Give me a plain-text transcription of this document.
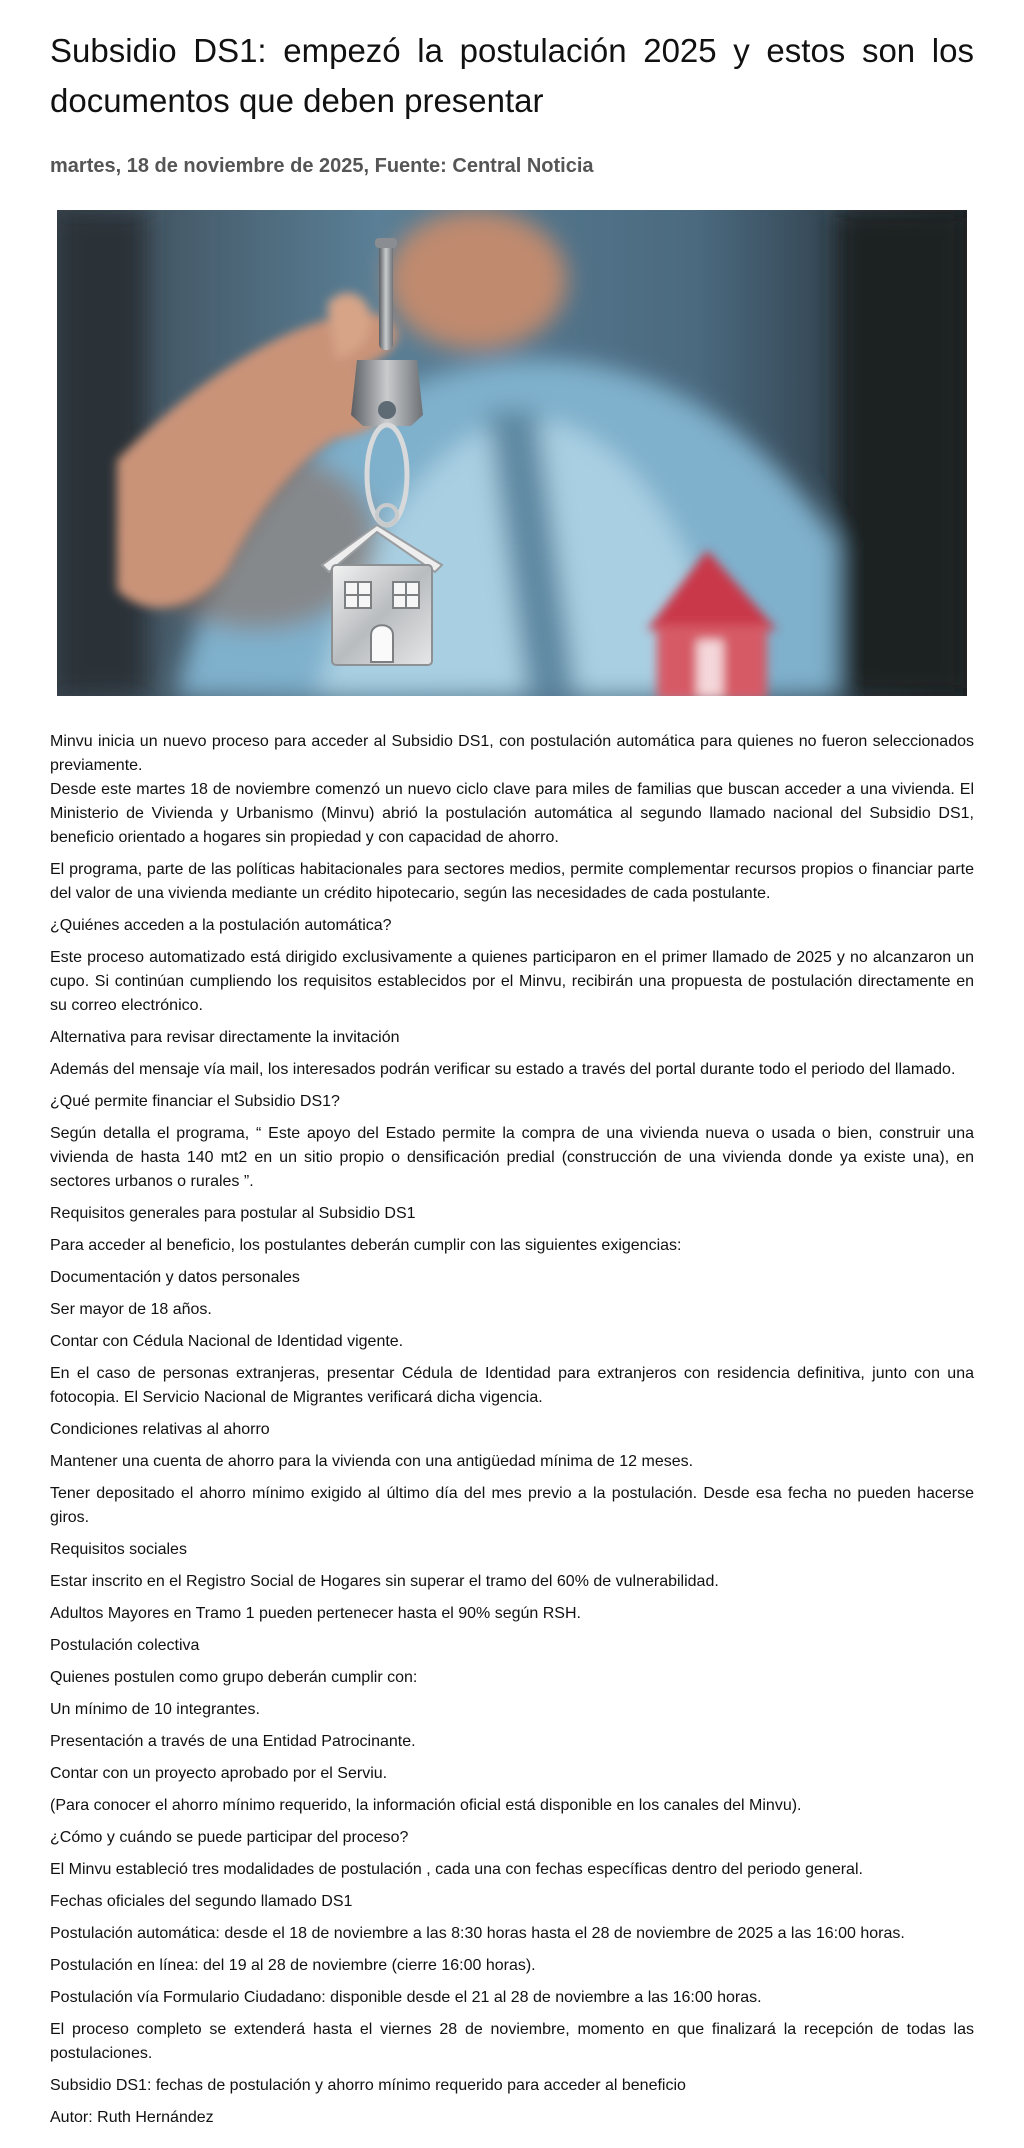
Subsidio DS1: empezó la postulación 2025 y estos son los documentos que deben presentar
martes, 18 de noviembre de 2025, Fuente: Central Noticia

Minvu inicia un nuevo proceso para acceder al Subsidio DS1, con postulación automática para quienes no fueron seleccionados previamente.

Desde este martes 18 de noviembre comenzó un nuevo ciclo clave para miles de familias que buscan acceder a una vivienda. El Ministerio de Vivienda y Urbanismo (Minvu) abrió la postulación automática al segundo llamado nacional del Subsidio DS1, beneficio orientado a hogares sin propiedad y con capacidad de ahorro.

El programa, parte de las políticas habitacionales para sectores medios, permite complementar recursos propios o financiar parte del valor de una vivienda mediante un crédito hipotecario, según las necesidades de cada postulante.

¿Quiénes acceden a la postulación automática?

Este proceso automatizado está dirigido exclusivamente a quienes participaron en el primer llamado de 2025 y no alcanzaron un cupo. Si continúan cumpliendo los requisitos establecidos por el Minvu, recibirán una propuesta de postulación directamente en su correo electrónico.

Alternativa para revisar directamente la invitación

Además del mensaje vía mail, los interesados podrán verificar su estado a través del portal durante todo el periodo del llamado.

¿Qué permite financiar el Subsidio DS1?

Según detalla el programa, “ Este apoyo del Estado permite la compra de una vivienda nueva o usada o bien, construir una vivienda de hasta 140 mt2 en un sitio propio o densificación predial (construcción de una vivienda donde ya existe una), en sectores urbanos o rurales ”.

Requisitos generales para postular al Subsidio DS1

Para acceder al beneficio, los postulantes deberán cumplir con las siguientes exigencias:

Documentación y datos personales

Ser mayor de 18 años.

Contar con Cédula Nacional de Identidad vigente.

En el caso de personas extranjeras, presentar Cédula de Identidad para extranjeros con residencia definitiva, junto con una fotocopia. El Servicio Nacional de Migrantes verificará dicha vigencia.

Condiciones relativas al ahorro

Mantener una cuenta de ahorro para la vivienda con una antigüedad mínima de 12 meses.

Tener depositado el ahorro mínimo exigido al último día del mes previo a la postulación. Desde esa fecha no pueden hacerse giros.

Requisitos sociales

Estar inscrito en el Registro Social de Hogares sin superar el tramo del 60% de vulnerabilidad.

Adultos Mayores en Tramo 1 pueden pertenecer hasta el 90% según RSH.

Postulación colectiva

Quienes postulen como grupo deberán cumplir con:

Un mínimo de 10 integrantes.

Presentación a través de una Entidad Patrocinante.

Contar con un proyecto aprobado por el Serviu.

(Para conocer el ahorro mínimo requerido, la información oficial está disponible en los canales del Minvu).

¿Cómo y cuándo se puede participar del proceso?

El Minvu estableció tres modalidades de postulación , cada una con fechas específicas dentro del periodo general.

Fechas oficiales del segundo llamado DS1

Postulación automática: desde el 18 de noviembre a las 8:30 horas hasta el 28 de noviembre de 2025 a las 16:00 horas.

Postulación en línea: del 19 al 28 de noviembre (cierre 16:00 horas).

Postulación vía Formulario Ciudadano: disponible desde el 21 al 28 de noviembre a las 16:00 horas.

El proceso completo se extenderá hasta el viernes 28 de noviembre, momento en que finalizará la recepción de todas las postulaciones.

Subsidio DS1: fechas de postulación y ahorro mínimo requerido para acceder al beneficio

Autor: Ruth Hernández
